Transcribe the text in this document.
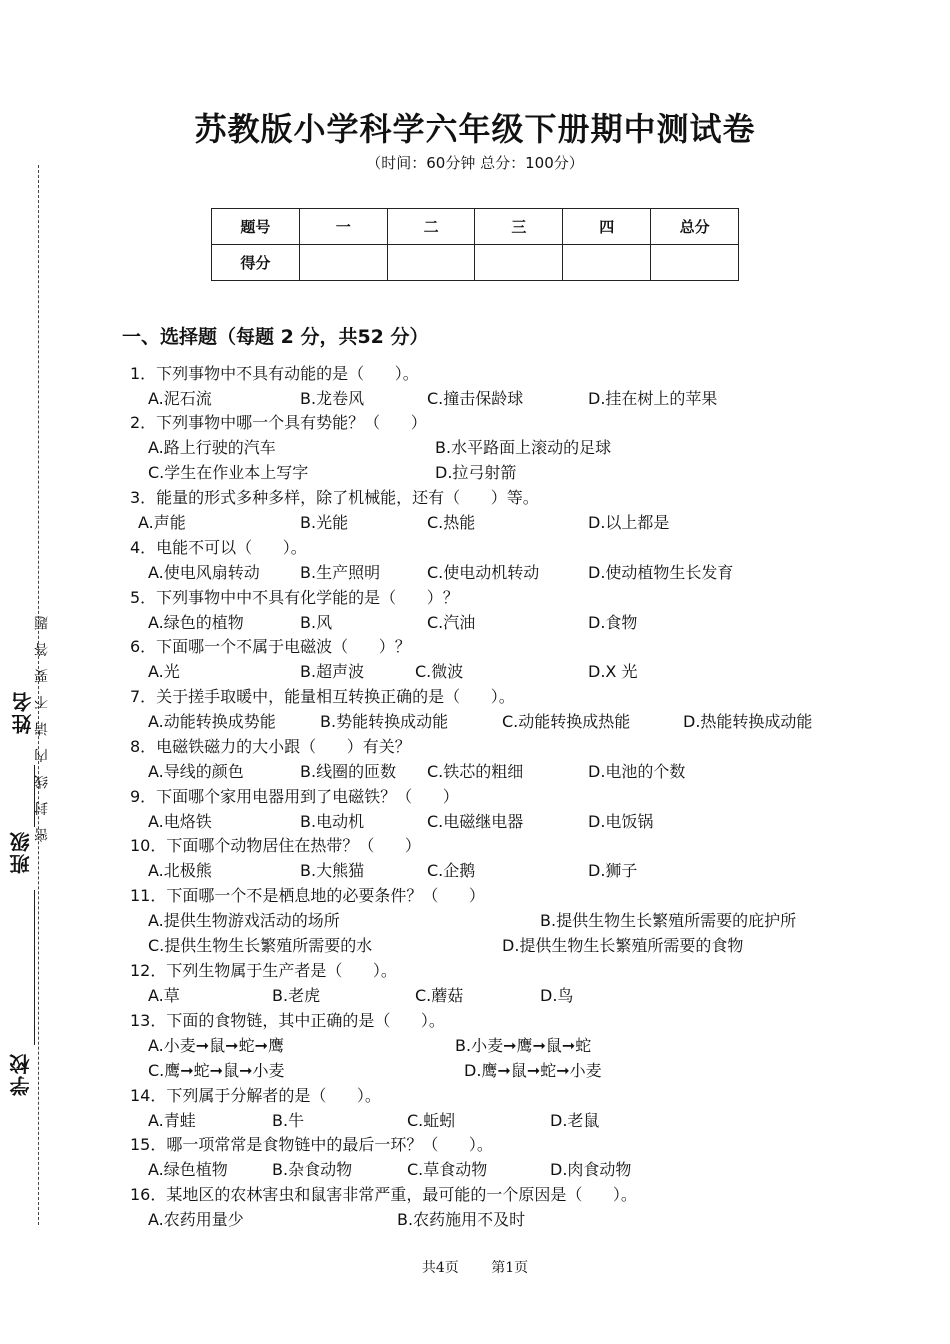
苏教版小学科学六年级下册期中测试卷
（时间：60分钟 总分：100分）
题号	一	二	三	四	总分
得分					
学校
班级
姓名 密 封 线 内 请 不 要 答 题
一、选择题（每题 2 分，共52 分）
1．下列事物中不具有动能的是（      ）。
A.泥石流	B.龙卷风	C.撞击保龄球	D.挂在树上的苹果
2．下列事物中哪一个具有势能？（      ）
A.路上行驶的汽车	B.水平路面上滚动的足球
C.学生在作业本上写字	D.拉弓射箭
3．能量的形式多种多样，除了机械能，还有（      ）等。
A.声能	B.光能	C.热能	D.以上都是
4．电能不可以（      ）。
A.使电风扇转动	B.生产照明	C.使电动机转动	D.使动植物生长发育
5．下列事物中中不具有化学能的是（      ）？
A.绿色的植物	B.风	C.汽油	D.食物
6．下面哪一个不属于电磁波（      ）？
A.光	B.超声波	C.微波	D.X 光
7．关于搓手取暖中，能量相互转换正确的是（      ）。
A.动能转换成势能	B.势能转换成动能	C.动能转换成热能	D.热能转换成动能
8．电磁铁磁力的大小跟（      ）有关？
A.导线的颜色	B.线圈的匝数 C.铁芯的粗细	D.电池的个数
9．下面哪个家用电器用到了电磁铁？（      ）
A.电烙铁	B.电动机	C.电磁继电器	D.电饭锅
10．下面哪个动物居住在热带？（      ）
A.北极熊	B.大熊猫	C.企鹅	D.狮子
11．下面哪一个不是栖息地的必要条件？（      ）
A.提供生物游戏活动的场所	B.提供生物生长繁殖所需要的庇护所
C.提供生物生长繁殖所需要的水	D.提供生物生长繁殖所需要的食物
12．下列生物属于生产者是（      ）。
A.草	B.老虎	C.蘑菇	D.鸟
13．下面的食物链，其中正确的是（      ）。
A.小麦➞鼠➞蛇➞鹰	B.小麦➞鹰➞鼠➞蛇
C.鹰➞蛇➞鼠➞小麦	D.鹰➞鼠➞蛇➞小麦
14．下列属于分解者的是（      ）。
A.青蛙	B.牛	C.蚯蚓	D.老鼠
15．哪一项常常是食物链中的最后一环？（      ）。
A.绿色植物	B.杂食动物	C.草食动物	D.肉食动物
16．某地区的农林害虫和鼠害非常严重，最可能的一个原因是（      ）。
A.农药用量少	B.农药施用不及时
共4页 第1页
